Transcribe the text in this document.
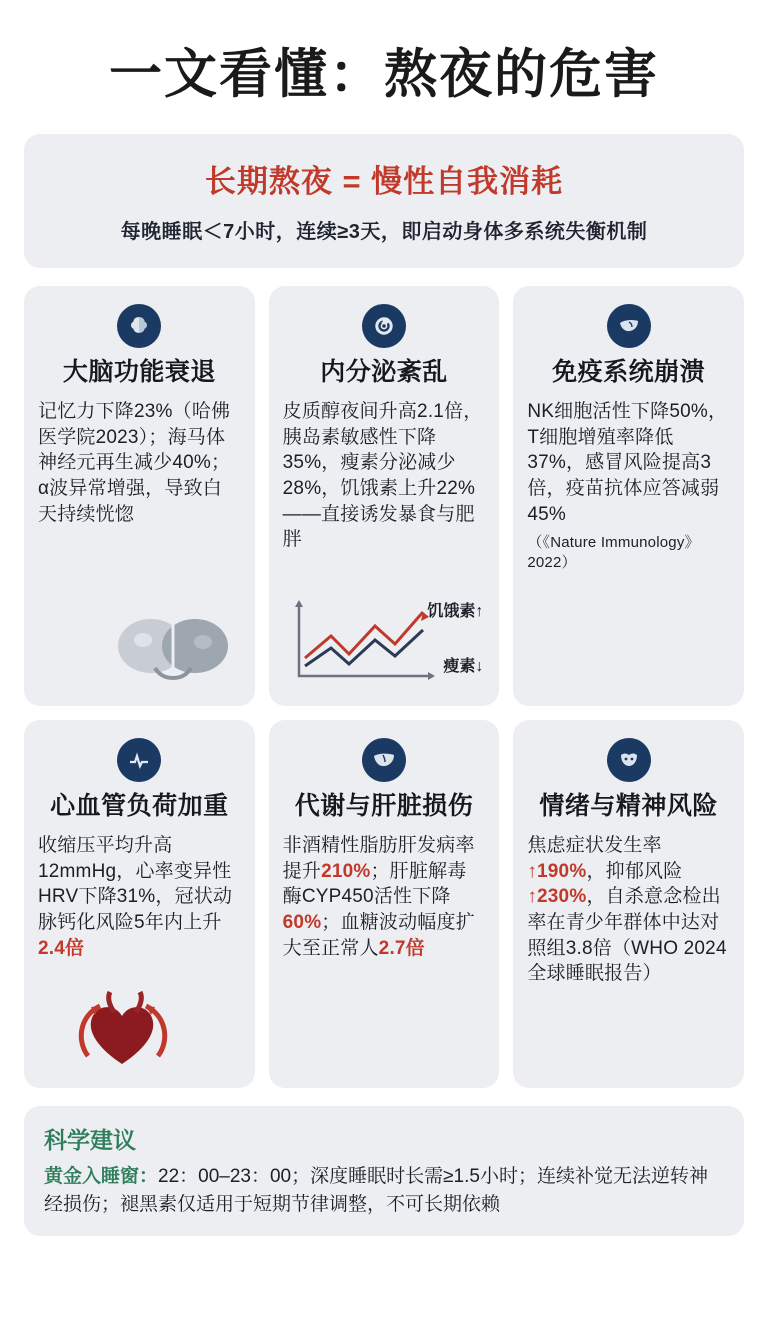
一文看懂：熬夜的危害
长期熬夜 = 慢性自我消耗
每晚睡眠＜7小时，连续≥3天，即启动身体多系统失衡机制
大脑功能衰退
记忆力下降23%（哈佛医学院2023）；海马体神经元再生减少40%；α波异常增强，导致白天持续恍惚
内分泌紊乱
皮质醇夜间升高2.1倍，胰岛素敏感性下降35%，瘦素分泌减少28%，饥饿素上升22%——直接诱发暴食与肥胖
饥饿素↑
瘦素↓
免疫系统崩溃
NK细胞活性下降50%，T细胞增殖率降低37%，感冒风险提高3倍，疫苗抗体应答减弱45%
（《Nature Immunology》2022）
心血管负荷加重
收缩压平均升高12mmHg，心率变异性HRV下降31%，冠状动脉钙化风险5年内上升2.4倍
代谢与肝脏损伤
非酒精性脂肪肝发病率提升210%；肝脏解毒酶CYP450活性下降60%；血糖波动幅度扩大至正常人2.7倍
情绪与精神风险
焦虑症状发生率↑190%，抑郁风险↑230%，自杀意念检出率在青少年群体中达对照组3.8倍（WHO 2024全球睡眠报告）
科学建议
黄金入睡窗：22：00–23：00；深度睡眠时长需≥1.5小时；连续补觉无法逆转神经损伤；褪黑素仅适用于短期节律调整，不可长期依赖
